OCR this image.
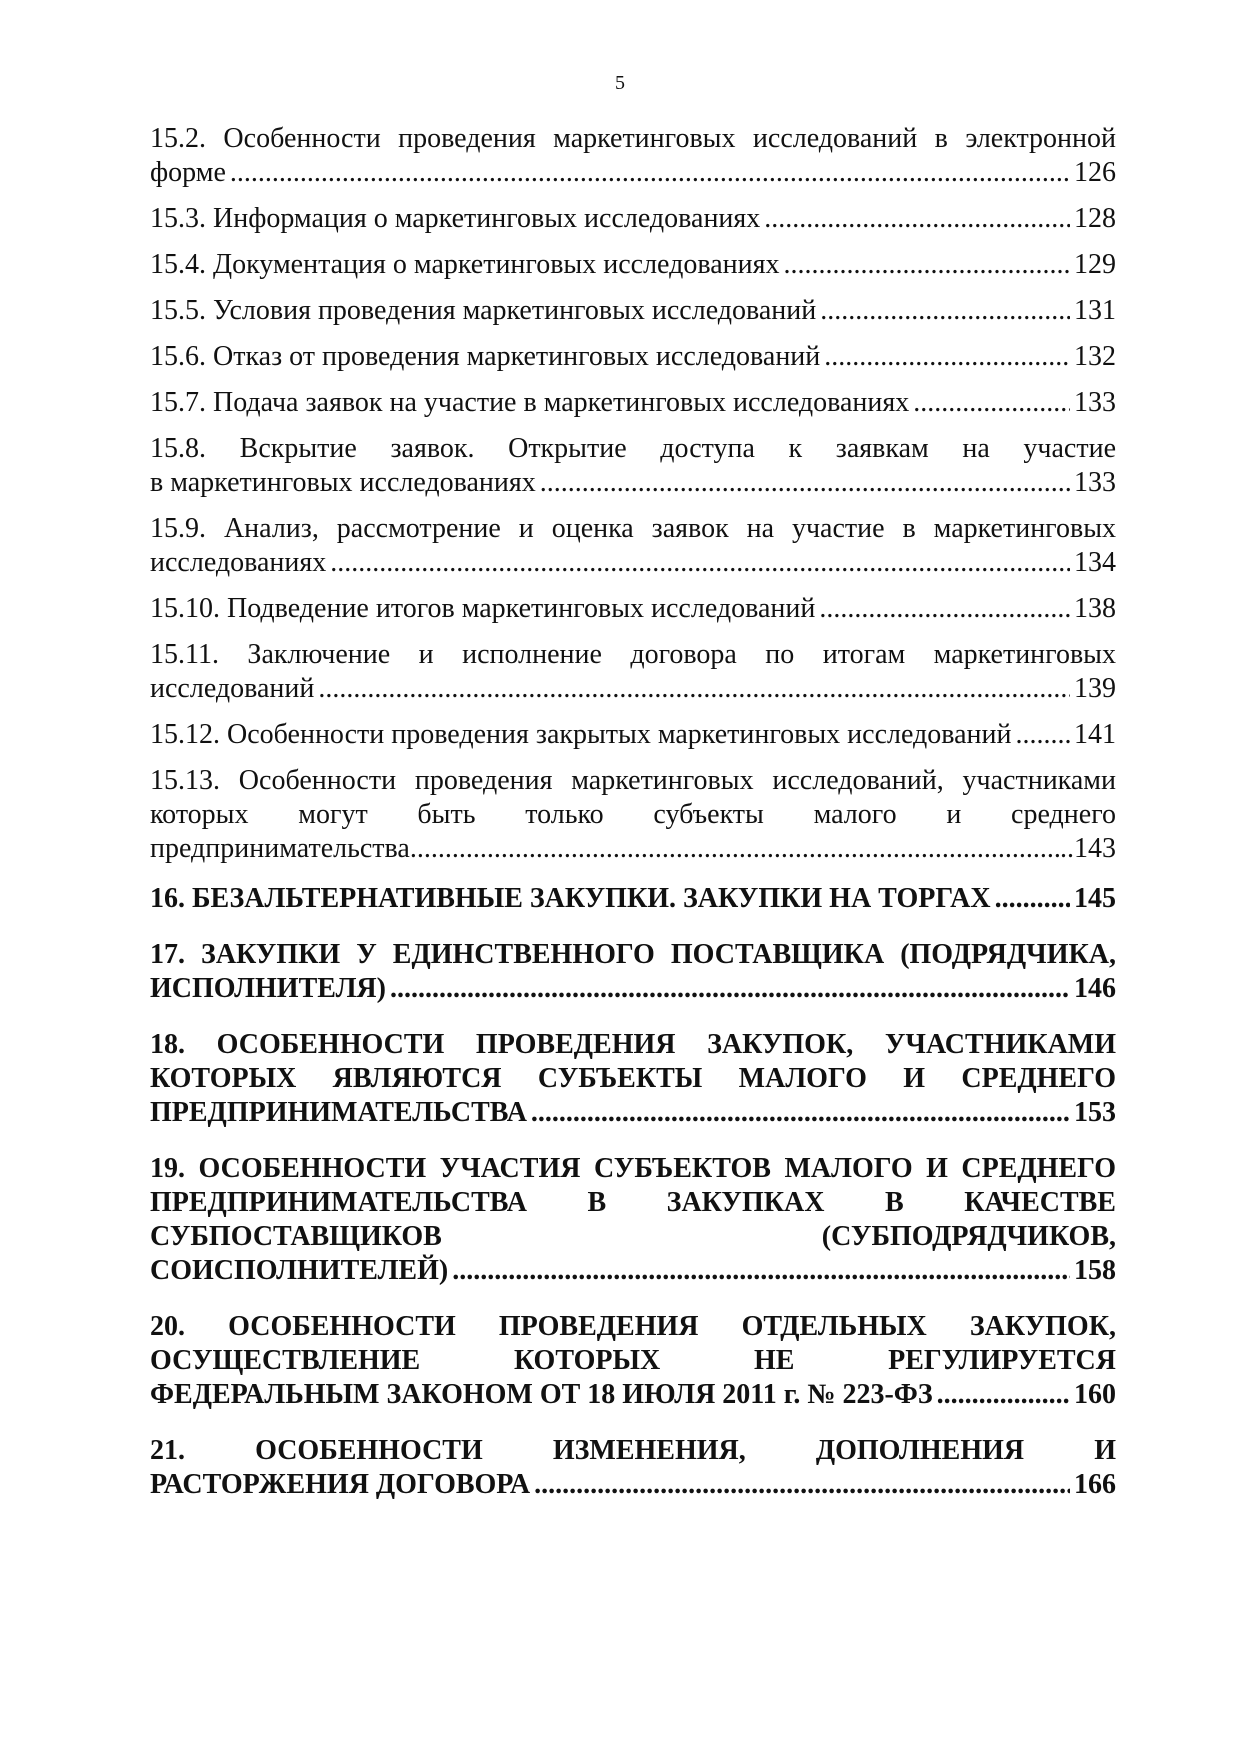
5
15.2. Особенности проведения маркетинговых исследований в электронной
форме .....	126
15.3. Информация о маркетинговых исследованиях .....	128
15.4. Документация о маркетинговых исследованиях .....	129
15.5. Условия проведения маркетинговых исследований .....	131
15.6. Отказ от проведения маркетинговых исследований .....	132
15.7. Подача заявок на участие в маркетинговых исследованиях .....	133
15.8. Вскрытие заявок. Открытие доступа к заявкам на участие
в маркетинговых исследованиях .....	133
15.9. Анализ, рассмотрение и оценка заявок на участие в маркетинговых
исследованиях .....	134
15.10. Подведение итогов маркетинговых исследований .....	138
15.11. Заключение и исполнение договора по итогам маркетинговых
исследований .....	139
15.12. Особенности проведения закрытых маркетинговых исследований ..... 141
15.13. Особенности проведения маркетинговых исследований, участниками
которых могут быть только субъекты малого и среднего
предпринимательства .....	..143
16. БЕЗАЛЬТЕРНАТИВНЫЕ ЗАКУПКИ. ЗАКУПКИ НА ТОРГАХ .....	145
17. ЗАКУПКИ У ЕДИНСТВЕННОГО ПОСТАВЩИКА (ПОДРЯДЧИКА,
ИСПОЛНИТЕЛЯ) .....	146
18. ОСОБЕННОСТИ ПРОВЕДЕНИЯ ЗАКУПОК, УЧАСТНИКАМИ
КОТОРЫХ ЯВЛЯЮТСЯ СУБЪЕКТЫ МАЛОГО И СРЕДНЕГО
ПРЕДПРИНИМАТЕЛЬСТВА .....	153
19. ОСОБЕННОСТИ УЧАСТИЯ СУБЪЕКТОВ МАЛОГО И СРЕДНЕГО
ПРЕДПРИНИМАТЕЛЬСТВА В ЗАКУПКАХ В КАЧЕСТВЕ
СУБПОСТАВЩИКОВ (СУБПОДРЯДЧИКОВ,
СОИСПОЛНИТЕЛЕЙ) .....	158
20. ОСОБЕННОСТИ ПРОВЕДЕНИЯ ОТДЕЛЬНЫХ ЗАКУПОК,
ОСУЩЕСТВЛЕНИЕ КОТОРЫХ НЕ РЕГУЛИРУЕТСЯ
ФЕДЕРАЛЬНЫМ ЗАКОНОМ ОТ 18 ИЮЛЯ 2011 г. № 223-ФЗ .....	160
21. ОСОБЕННОСТИ ИЗМЕНЕНИЯ, ДОПОЛНЕНИЯ И
РАСТОРЖЕНИЯ ДОГОВОРА .....	166
